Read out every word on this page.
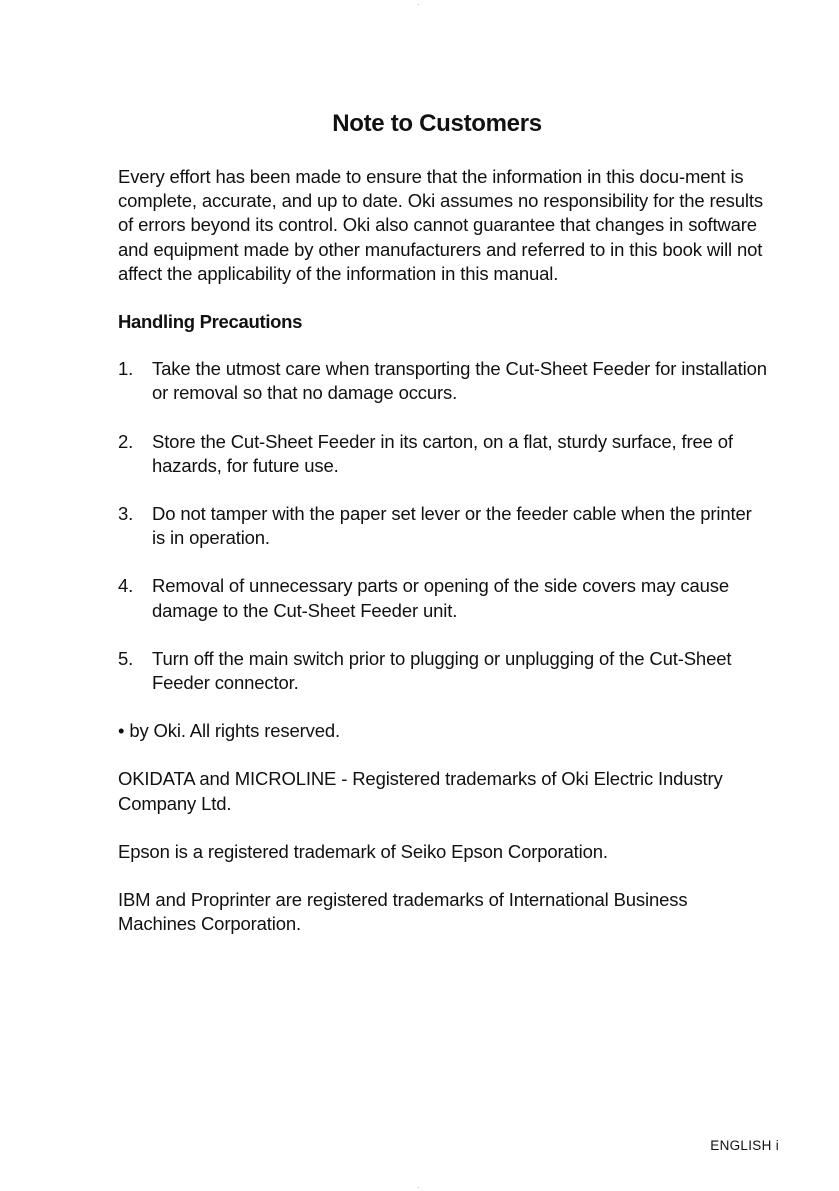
Note to Customers

Every effort has been made to ensure that the information in this docu-ment is complete, accurate, and up to date. Oki assumes no responsibility for the results of errors beyond its control. Oki also cannot guarantee that changes in software and equipment made by other manufacturers and referred to in this book will not affect the applicability of the information in this manual.

Handling Precautions
1.	Take the utmost care when transporting the Cut-Sheet Feeder for installation or removal so that no damage occurs.
2.	Store the Cut-Sheet Feeder in its carton, on a flat, sturdy surface, free of hazards, for future use.
3.	Do not tamper with the paper set lever or the feeder cable when the printer is in operation.
4.	Removal of unnecessary parts or opening of the side covers may cause damage to the Cut-Sheet Feeder unit.
5.	Turn off the main switch prior to plugging or unplugging of the Cut-Sheet Feeder connector.

• by Oki. All rights reserved.

OKIDATA and MICROLINE - Registered trademarks of Oki Electric Industry Company Ltd.

Epson is a registered trademark of Seiko Epson Corporation.

IBM and Proprinter are registered trademarks of International Business Machines Corporation.

ENGLISH i
